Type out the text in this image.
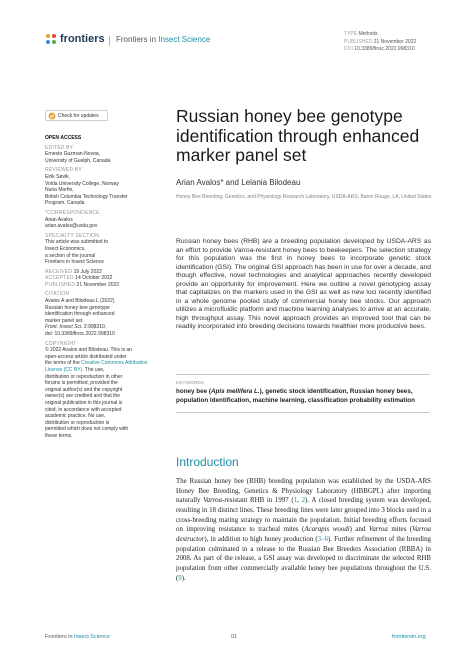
frontiers Frontiers in Insect Science
TYPE Methods
PUBLISHED 21 November 2022
DOI 10.3389/finsc.2022.998310
Check for updates
OPEN ACCESS
EDITED BY
Ernesto Guzman-Novoa,
University of Guelph, Canada
REVIEWED BY
Eirik Søvik,
Volda University College, Norway
Nuria Morfin,
British Columbia Technology Transfer
Program, Canada
*CORRESPONDENCE
Arian Avalos
arian.avalos@usda.gov
SPECIALTY SECTION
This article was submitted to
Insect Economics,
a section of the journal
Frontiers in Insect Science
RECEIVED 19 July 2022
ACCEPTED 14 October 2022
PUBLISHED 21 November 2022
CITATION
Avalos A and Bilodeau L (2022)
Russian honey bee genotype
identification through enhanced
marker panel set.
Front. Insect Sci. 2:998310.
doi: 10.3389/finsc.2022.998310
COPYRIGHT
© 2022 Avalos and Bilodeau. This is an
open-access article distributed under
the terms of the Creative Commons Attribution License (CC BY). The use,
distribution or reproduction in other
forums is permitted, provided the
original author(s) and the copyright
owner(s) are credited and that the
original publication in this journal is
cited, in accordance with accepted
academic practice. No use,
distribution or reproduction is
permitted which does not comply with
these terms.
Russian honey bee genotype identification through enhanced marker panel set
Arian Avalos* and Lelania Bilodeau
Honey Bee Breeding, Genetics, and Physiology Research Laboratory, USDA-ARS, Baton Rouge, LA, United States
Russian honey bees (RHB) are a breeding population developed by USDA-ARS as an effort to provide Varroa-resistant honey bees to beekeepers. The selection strategy for this population was the first in honey bees to incorporate genetic stock identification (GSI). The original GSI approach has been in use for over a decade, and though effective, novel technologies and analytical approaches recently developed provide an opportunity for improvement. Here we outline a novel genotyping assay that capitalizes on the markers used in the GSI as well as new loci recently identified in a whole genome pooled study of commercial honey bee stocks. Our approach utilizes a microfluidic platform and machine learning analyses to arrive at an accurate, high throughput assay. This novel approach provides an improved tool that can be readily incorporated into breeding decisions towards healthier more productive bees.
KEYWORDS
honey bee (Apis mellifera L.), genetic stock identification, Russian honey bees, population identification, machine learning, classification probability estimation
Introduction
The Russian honey bee (RHB) breeding population was established by the USDA-ARS Honey Bee Breeding, Genetics & Physiology Laboratory (HBBGPL) after importing naturally Varroa-resistant RHB in 1997 (1, 2). A closed breeding system was developed, resulting in 18 distinct lines. These breeding lines were later grouped into 3 blocks used in a cross-breeding mating strategy to maintain the population. Initial breeding efforts focused on improving resistance to tracheal mites (Acarapis woodi) and Varroa mites (Varroa destructor), in addition to high honey production (3–6). Further refinement of the breeding population culminated in a release to the Russian Bee Breeders Association (RBBA) in 2008. As part of the release, a GSI assay was developed to discriminate the selected RHB population from other commercially available honey bee populations throughout the U.S. (9).
Frontiers in Insect Science	01	frontiersin.org
